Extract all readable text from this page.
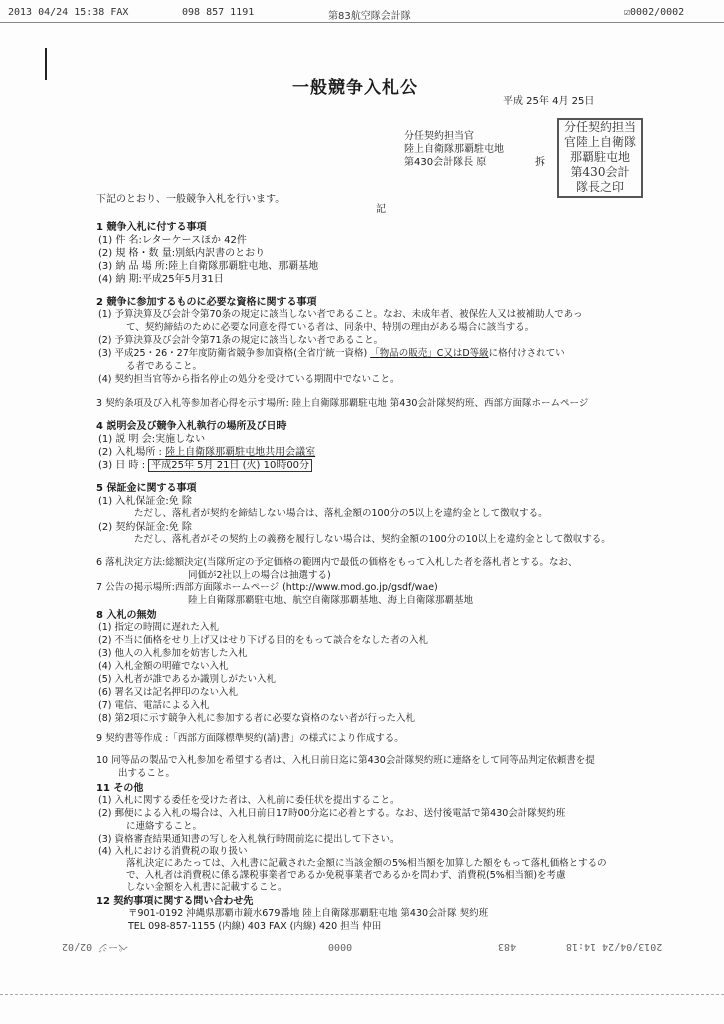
2013 04/24 15:38 FAX	098 857 1191	第83航空隊会計隊	☑0002/0002
一般競争入札公
平成 25年 4月 25日
分任契約担当官
陸上自衛隊那覇駐屯地
第430会計隊長 原	拆
分任契約担当
官陸上自衛隊
那覇駐屯地
第430会計
隊長之印
下記のとおり、一般競争入札を行います。
記
1 競争入札に付する事項
(1) 件 名:レターケースほか 42件
(2) 規 格・数 量:別紙内訳書のとおり
(3) 納 品 場 所:陸上自衛隊那覇駐屯地、那覇基地
(4) 納 期:平成25年5月31日
2 競争に参加するものに必要な資格に関する事項
(1) 予算決算及び会計令第70条の規定に該当しない者であること。なお、未成年者、被保佐人又は被補助人であっ
て、契約締結のために必要な同意を得ている者は、同条中、特別の理由がある場合に該当する。
(2) 予算決算及び会計令第71条の規定に該当しない者であること。
(3) 平成25・26・27年度防衛省競争参加資格(全省庁統一資格) 「物品の販売」C又はD等級に格付けされてい
る者であること。
(4) 契約担当官等から指名停止の処分を受けている期間中でないこと。
3 契約条項及び入札等参加者心得を示す場所: 陸上自衛隊那覇駐屯地 第430会計隊契約班、西部方面隊ホームページ
4 説明会及び競争入札執行の場所及び日時
(1) 説 明 会:実施しない
(2) 入札場所 : 陸上自衛隊那覇駐屯地共用会議室
(3) 日 時 : 平成25年 5月 21日 (火) 10時00分
5 保証金に関する事項
(1) 入札保証金:免 除
ただし、落札者が契約を締結しない場合は、落札金額の100分の5以上を違約金として徴収する。
(2) 契約保証金:免 除
ただし、落札者がその契約上の義務を履行しない場合は、契約金額の100分の10以上を違約金として徴収する。
6 落札決定方法:総額決定(当隊所定の予定価格の範囲内で最低の価格をもって入札した者を落札者とする。なお、
同価が2社以上の場合は抽選する)
7 公告の掲示場所:西部方面隊ホームページ (http://www.mod.go.jp/gsdf/wae)
陸上自衛隊那覇駐屯地、航空自衛隊那覇基地、海上自衛隊那覇基地
8 入札の無効
(1) 指定の時間に遅れた入札
(2) 不当に価格をせり上げ又はせり下げる目的をもって談合をなした者の入札
(3) 他人の入札参加を妨害した入札
(4) 入札金額の明確でない入札
(5) 入札者が誰であるか識別しがたい入札
(6) 署名又は記名押印のない入札
(7) 電信、電話による入札
(8) 第2項に示す競争入札に参加する者に必要な資格のない者が行った入札
9 契約書等作成 :「西部方面隊標準契約(請)書」の様式により作成する。
10 同等品の製品で入札参加を希望する者は、入札日前日迄に第430会計隊契約班に連絡をして同等品判定依頼書を提
出すること。
11 その他
(1) 入札に関する委任を受けた者は、入札前に委任状を提出すること。
(2) 郵便による入札の場合は、入札日前日17時00分迄に必着とする。なお、送付後電話で第430会計隊契約班
に連絡すること。
(3) 資格審査結果通知書の写しを入札執行時間前迄に提出して下さい。
(4) 入札における消費税の取り扱い
落札決定にあたっては、入札書に記載された金額に当該金額の5%相当額を加算した額をもって落札価格とするの
で、入札者は消費税に係る課税事業者であるか免税事業者であるかを問わず、消費税(5%相当額)を考慮
しない金額を入札書に記載すること。
12 契約事項に関する問い合わせ先
〒901-0192 沖縄県那覇市鏡水679番地 陸上自衛隊那覇駐屯地 第430会計隊 契約班
TEL 098-857-1155 (内線) 403 FAX (内線) 420 担当 仲田
ページ 02/02	0000	483	2013/04/24 14:18
